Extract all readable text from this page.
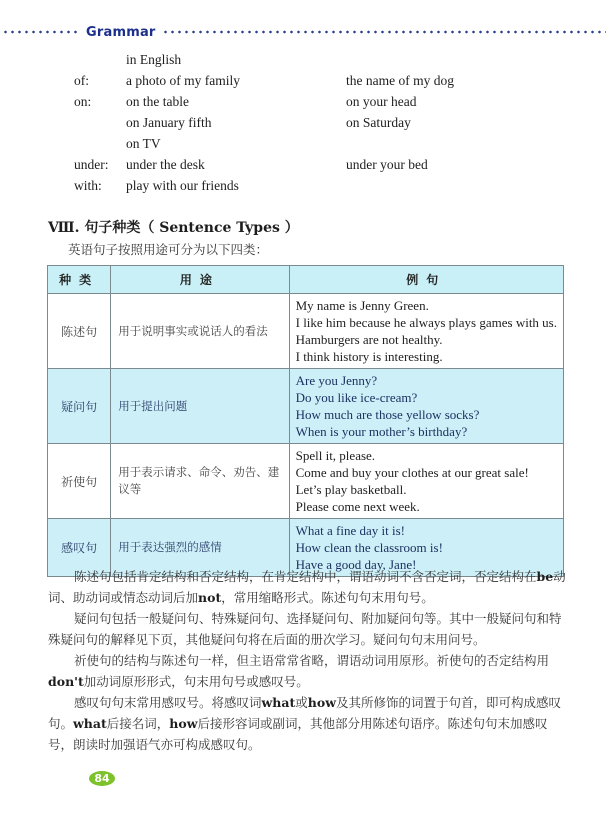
Grammar
in English
of:	a photo of my family	the name of my dog
on:	on the table	on your head
on January fifth	on Saturday
on TV
under:	under the desk	under your bed
with:	play with our friends
Ⅷ. 句子种类（ Sentence Types ）
英语句子按照用途可分为以下四类：
种类	用途	例句
陈述句	用于说明事实或说话人的看法	My name is Jenny Green.
I like him because he always plays games with us.
Hamburgers are not healthy.
I think history is interesting.

疑问句	用于提出问题	Are you Jenny?
Do you like ice-cream?
How much are those yellow socks?
When is your mother’s birthday?

祈使句	用于表示请求、命令、劝告、建议等	Spell it, please.
Come and buy your clothes at our great sale!
Let’s play basketball.
Please come next week.

感叹句	用于表达强烈的感情	What a fine day it is!
How clean the classroom is!
Have a good day, Jane!

陈述句包括肯定结构和否定结构，在肯定结构中，谓语动词不含否定词，否定结构在be动词、助动词或情态动词后加not，常用缩略形式。陈述句句末用句号。

疑问句包括一般疑问句、特殊疑问句、选择疑问句、附加疑问句等。其中一般疑问句和特殊疑问句的解释见下页，其他疑问句将在后面的册次学习。疑问句句末用问号。

祈使句的结构与陈述句一样，但主语常常省略，谓语动词用原形。祈使句的否定结构用don't加动词原形形式，句末用句号或感叹号。

感叹句句末常用感叹号。将感叹词what或how及其所修饰的词置于句首，即可构成感叹句。what后接名词，how后接形容词或副词，其他部分用陈述句语序。陈述句句末加感叹号，朗读时加强语气亦可构成感叹句。

84
